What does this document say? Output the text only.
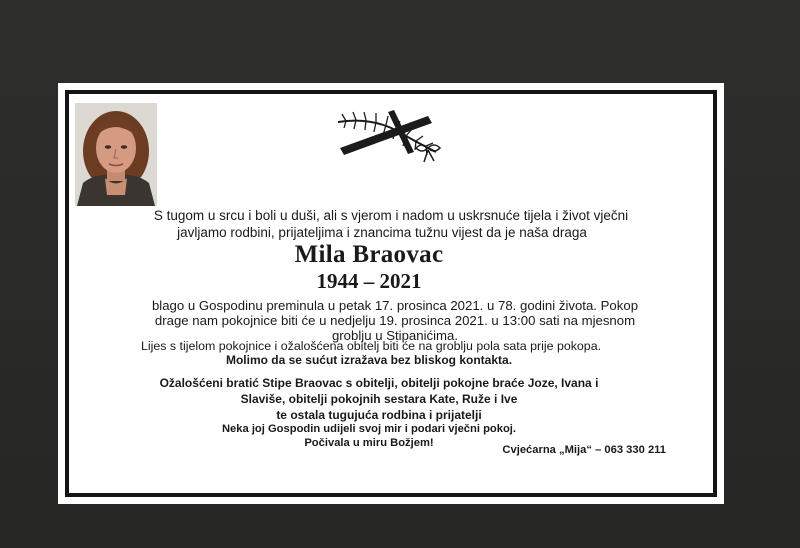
S tugom u srcu i boli u duši, ali s vjerom i nadom u uskrsnuće tijela i život vječni
javljamo rodbini, prijateljima i znancima tužnu vijest da je naša draga

Mila Braovac

1944 – 2021

blago u Gospodinu preminula u petak 17. prosinca 2021. u 78. godini života. Pokop
drage nam pokojnice biti će u nedjelju 19. prosinca 2021. u 13:00 sati na mjesnom
groblju u Stipanićima.

Lijes s tijelom pokojnice i ožalošćena obitelj biti će na groblju pola sata prije pokopa.

Molimo da se sućut izražava bez bliskog kontakta.

Ožalošćeni bratić Stipe Braovac s obitelji, obitelji pokojne braće Joze, Ivana i
Slaviše, obitelji pokojnih sestara Kate, Ruže i Ive
te ostala tugujuća rodbina i prijatelji

Neka joj Gospodin udijeli svoj mir i podari vječni pokoj.
Počivala u miru Božjem!

Cvjećarna „Mija“ – 063 330 211
